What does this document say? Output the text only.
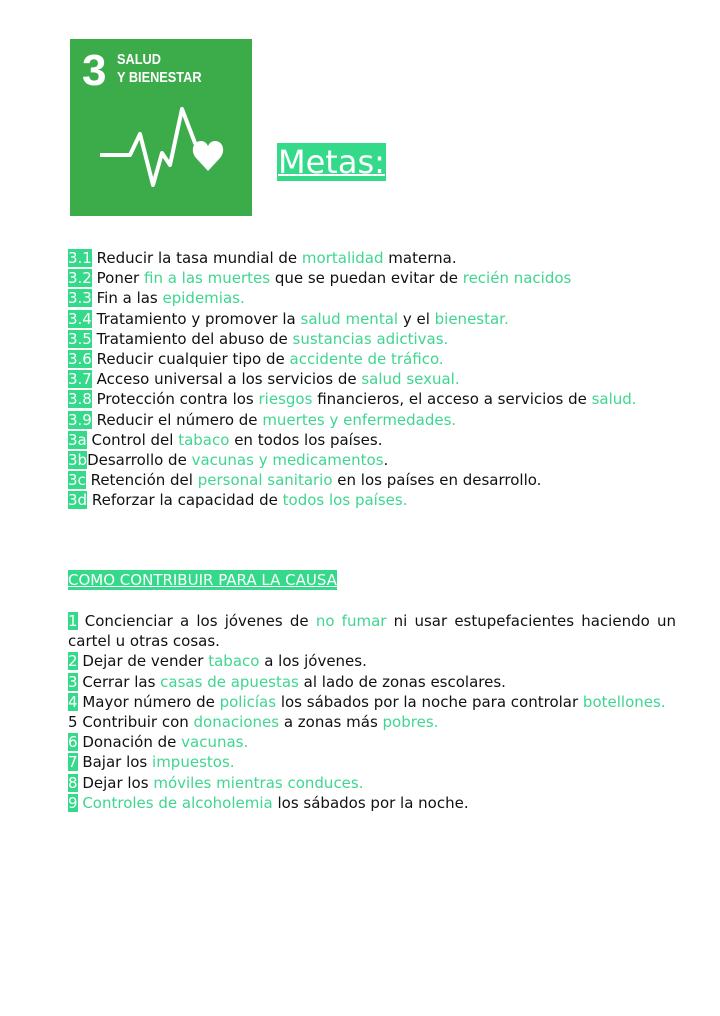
3 SALUD
Y BIENESTAR
Metas:
3.1 Reducir la tasa mundial de mortalidad materna.
3.2 Poner fin a las muertes que se puedan evitar de recién nacidos
3.3 Fin a las epidemias.
3.4 Tratamiento y promover la salud mental y el bienestar.
3.5 Tratamiento del abuso de sustancias adictivas.
3.6 Reducir cualquier tipo de accidente de tráfico.
3.7 Acceso universal a los servicios de salud sexual.
3.8 Protección contra los riesgos financieros, el acceso a servicios de salud.
3.9 Reducir el número de muertes y enfermedades.
3a Control del tabaco en todos los países.
3bDesarrollo de vacunas y medicamentos.
3c Retención del personal sanitario en los países en desarrollo.
3d Reforzar la capacidad de todos los países.
COMO CONTRIBUIR PARA LA CAUSA
1 Concienciar a los jóvenes de no fumar ni usar estupefacientes haciendo un cartel u otras cosas.
2 Dejar de vender tabaco a los jóvenes.
3 Cerrar las casas de apuestas al lado de zonas escolares.
4 Mayor número de policías los sábados por la noche para controlar botellones.
5 Contribuir con donaciones a zonas más pobres.
6 Donación de vacunas.
7 Bajar los impuestos.
8 Dejar los móviles mientras conduces.
9 Controles de alcoholemia los sábados por la noche.
